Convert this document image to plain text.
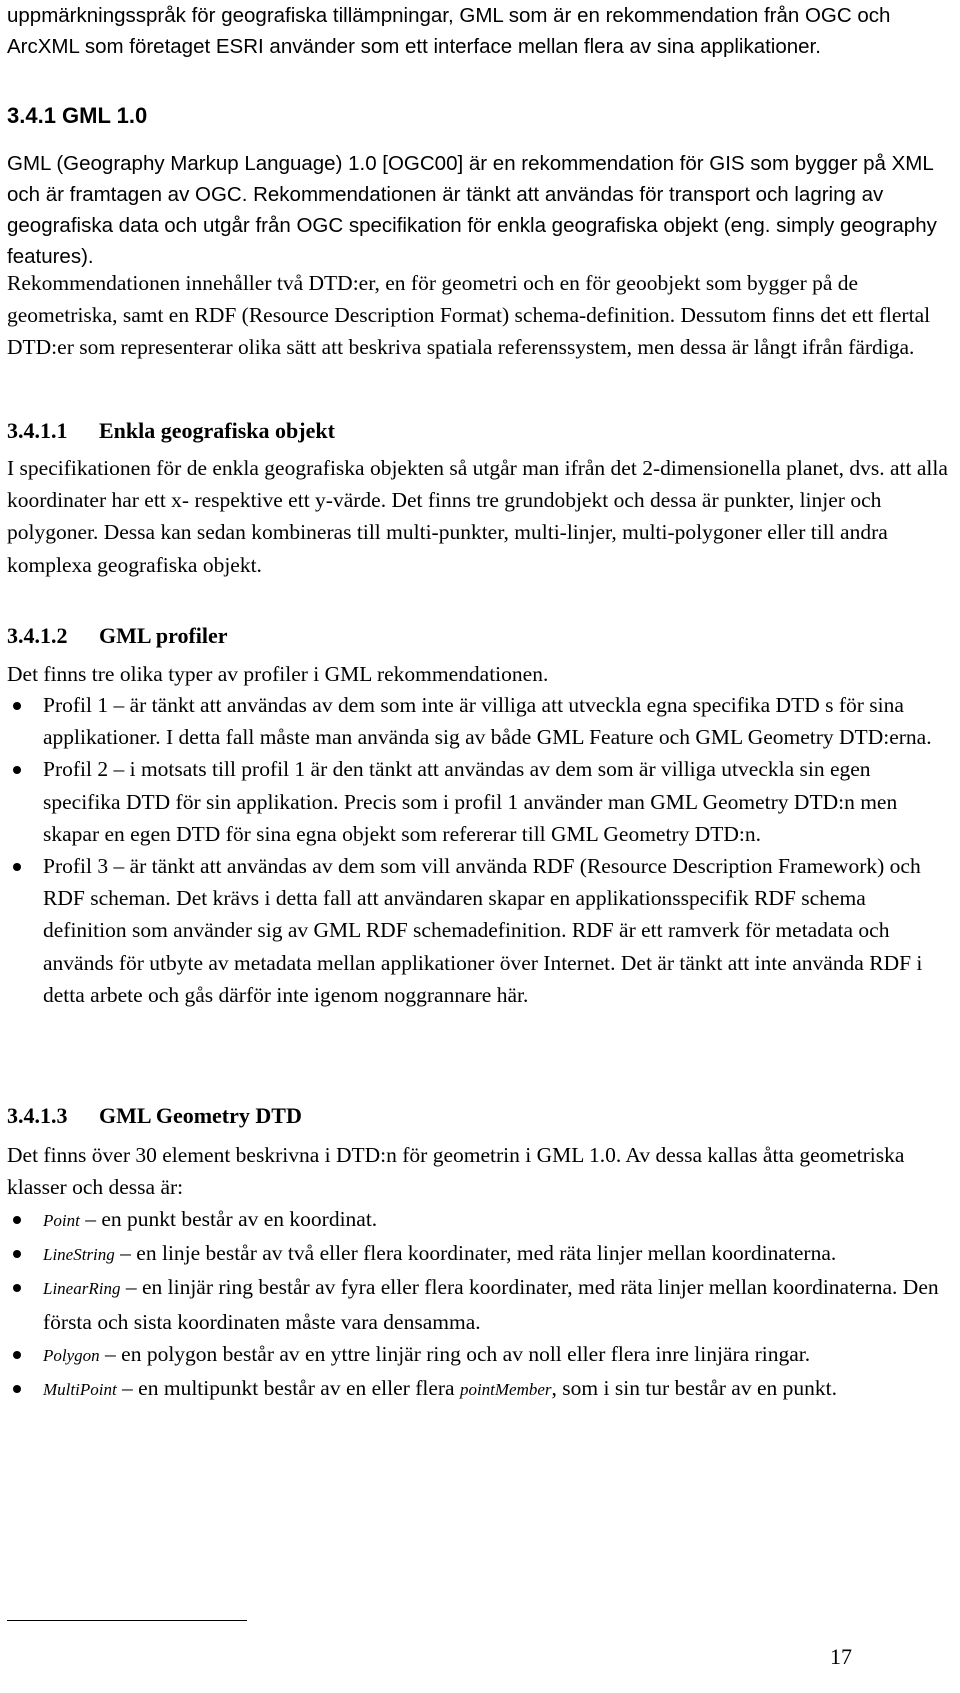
uppmärkningsspråk för geografiska tillämpningar, GML som är en rekommendation från OGC och ArcXML som företaget ESRI använder som ett interface mellan flera av sina applikationer.

3.4.1 GML 1.0

GML (Geography Markup Language) 1.0 [OGC00] är en rekommendation för GIS som bygger på XML och är framtagen av OGC. Rekommendationen är tänkt att användas för transport och lagring av geografiska data och utgår från OGC specifikation för enkla geografiska objekt (eng. simply geography features).

Rekommendationen innehåller två DTD:er, en för geometri och en för geoobjekt som bygger på de geometriska, samt en RDF (Resource Description Format) schema-definition. Dessutom finns det ett flertal DTD:er som representerar olika sätt att beskriva spatiala referenssystem, men dessa är långt ifrån färdiga.

3.4.1.1 Enkla geografiska objekt

I specifikationen för de enkla geografiska objekten så utgår man ifrån det 2-dimensionella planet, dvs. att alla koordinater har ett x- respektive ett y-värde. Det finns tre grundobjekt och dessa är punkter, linjer och polygoner. Dessa kan sedan kombineras till multi-punkter, multi-linjer, multi-polygoner eller till andra komplexa geografiska objekt.

3.4.1.2 GML profiler

Det finns tre olika typer av profiler i GML rekommendationen.

Profil 1 – är tänkt att användas av dem som inte är villiga att utveckla egna specifika DTD s för sina applikationer. I detta fall måste man använda sig av både GML Feature och GML Geometry DTD:erna.
Profil 2 – i motsats till profil 1 är den tänkt att användas av dem som är villiga utveckla sin egen specifika DTD för sin applikation. Precis som i profil 1 använder man GML Geometry DTD:n men skapar en egen DTD för sina egna objekt som refererar till GML Geometry DTD:n.
Profil 3 – är tänkt att användas av dem som vill använda RDF (Resource Description Framework) och RDF scheman. Det krävs i detta fall att användaren skapar en applikationsspecifik RDF schema definition som använder sig av GML RDF schemadefinition. RDF är ett ramverk för metadata och används för utbyte av metadata mellan applikationer över Internet. Det är tänkt att inte använda RDF i detta arbete och gås därför inte igenom noggrannare här.
3.4.1.3 GML Geometry DTD

Det finns över 30 element beskrivna i DTD:n för geometrin i GML 1.0. Av dessa kallas åtta geometriska klasser och dessa är:

Point – en punkt består av en koordinat.
LineString – en linje består av två eller flera koordinater, med räta linjer mellan koordinaterna.
LinearRing – en linjär ring består av fyra eller flera koordinater, med räta linjer mellan koordinaterna. Den första och sista koordinaten måste vara densamma.
Polygon – en polygon består av en yttre linjär ring och av noll eller flera inre linjära ringar.
MultiPoint – en multipunkt består av en eller flera pointMember, som i sin tur består av en punkt.
17
